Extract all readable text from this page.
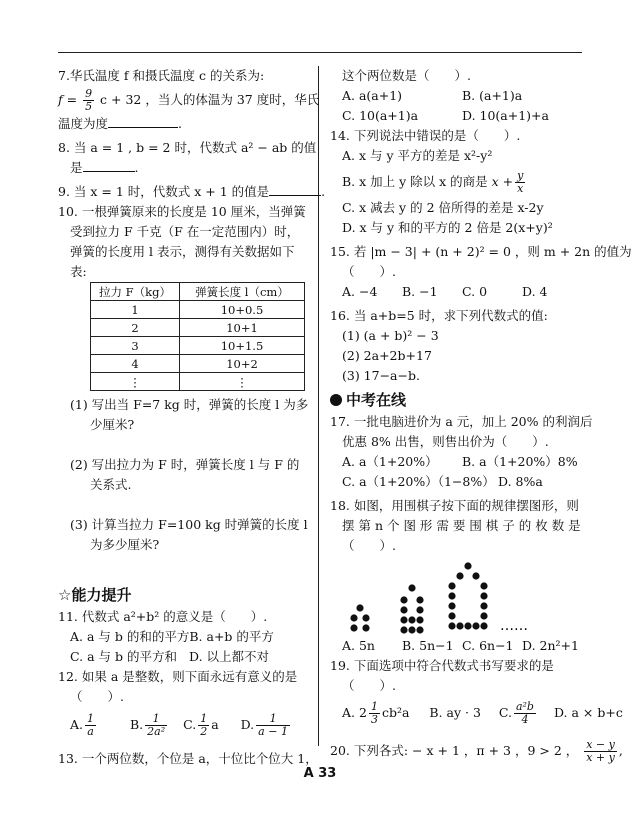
7.华氏温度 f 和摄氏温度 c 的关系为:
$f = \frac{9}{5}$ c + 32 ，当人的体温为 37 度时，华氏
温度为度	.
8. 当 a = 1 , b = 2 时，代数式 a² − ab 的值
是	.
9. 当 x = 1 时，代数式 x + 1 的值是	.
10. 一根弹簧原来的长度是 10 厘米，当弹簧
受到拉力 F 千克（F 在一定范围内）时，
弹簧的长度用 l 表示，测得有关数据如下
表:
拉力 F（kg）	弹簧长度 l（cm）
1	10+0.5
2	10+1
3	10+1.5
4	10+2
⋮	⋮
(1) 写出当 F=7 kg 时，弹簧的长度 l 为多
少厘米?
(2) 写出拉力为 F 时，弹簧长度 l 与 F 的
关系式.
(3) 计算当拉力 F=100 kg 时弹簧的长度 l
为多少厘米?
☆能力提升
11. 代数式 a²+b² 的意义是（　　）.
A. a 与 b 的和的平方 B. a+b 的平方
C. a 与 b 的平方和 D. 以上都不对
12. 如果 a 是整数，则下面永远有意义的是
（　　）.
A. $\frac{1}{a}$	B. $\frac{1}{\text{2a²}} C$. $\frac{1}{2}$ a D. $\frac{1}{a - 1}$
13. 一个两位数，个位是 a，十位比个位大 1，
这个两位数是（　　）.
A. a(a+1)	B. (a+1)a
C. 10(a+1)a	D. 10(a+1)+a
14. 下列说法中错误的是（　　）.
A. x 与 y 平方的差是 x²-y²
B. x 加上 y 除以 x 的商是 $x + \frac{y}{x}$
C. x 减去 y 的 2 倍所得的差是 x-2y
D. x 与 y 和的平方的 2 倍是 2(x+y)²
15. 若 |m − 3| + (n + 2)² = 0 ，则 m + 2n 的值为
（　　）.
A. −4	B. −1	C. 0	D. 4
16. 当 a+b=5 时，求下列代数式的值:
(1) (a + b)² − 3
(2) 2a+2b+17
(3) 17−a−b.
中考在线
17. 一批电脑进价为 a 元，加上 20% 的利润后
优惠 8% 出售，则售出价为（　　）.
A. a（1+20%）	B. a（1+20%）8%
C. a（1+20%）（1−8%） D. 8%a
18. 如图，用围棋子按下面的规律摆图形，则
摆 第 n 个 图 形 需 要 围 棋 子 的 枚 数 是
（　　）.
……
A. 5n	B. 5n−1 C. 6n−1 D. 2n²+1
19. 下面选项中符合代数式书写要求的是
（　　）.
A. $2 \frac{1}{3} cb^2a$ B. ay · 3 C. $\frac{\text{a²b}}{4} D$. a × b+c
20. 下列各式: − x + 1 ，π + 3 ，9 > 2 ， $\frac{x - y}{x + y}$ ,
A 33
